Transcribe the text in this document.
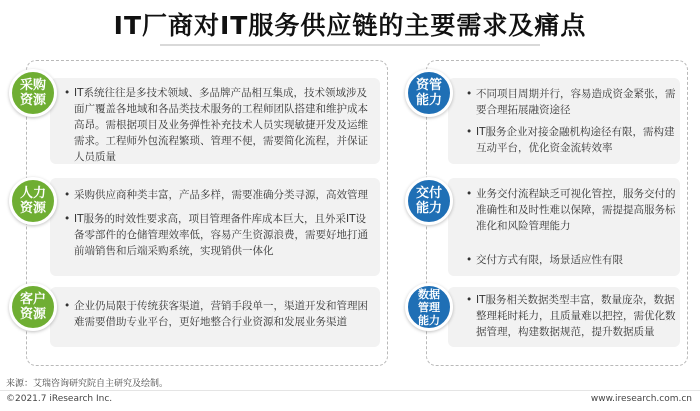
IT厂商对IT服务供应链的主要需求及痛点
采购资源	• IT系统往往是多技术领域、多品牌产品相互集成，技术领域涉及面广覆盖各地域和各品类技术服务的工程师团队搭建和维护成本高昂。需根据项目及业务弹性补充技术人员实现敏捷开发及运维需求。工程师外包流程繁琐、管理不便，需要简化流程，并保证人员质量
人力资源
• 采购供应商种类丰富，产品多样，需要准确分类寻源，高效管理
• IT服务的时效性要求高，项目管理备件库成本巨大，且外采IT设备零部件的仓储管理效率低，容易产生资源浪费，需要好地打通前端销售和后端采购系统，实现销供一体化
客户资源
• 企业仍局限于传统获客渠道，营销手段单一，渠道开发和管理困难需要借助专业平台，更好地整合行业资源和发展业务渠道
资管能力	• 不同项目周期并行，容易造成资金紧张，需要合理拓展融资途径
• IT服务企业对接金融机构途径有限，需构建互动平台，优化资金流转效率
交付能力
• 业务交付流程缺乏可视化管控，服务交付的准确性和及时性难以保障，需提提高服务标准化和风险管理能力
• 交付方式有限，场景适应性有限
数据管理能力
• IT服务相关数据类型丰富，数量庞杂，数据整理耗时耗力，且质量难以把控，需优化数据管理，构建数据规范，提升数据质量
来源：艾瑞咨询研究院自主研究及绘制。
©2021.7 iResearch Inc.	www.iresearch.com.cn
